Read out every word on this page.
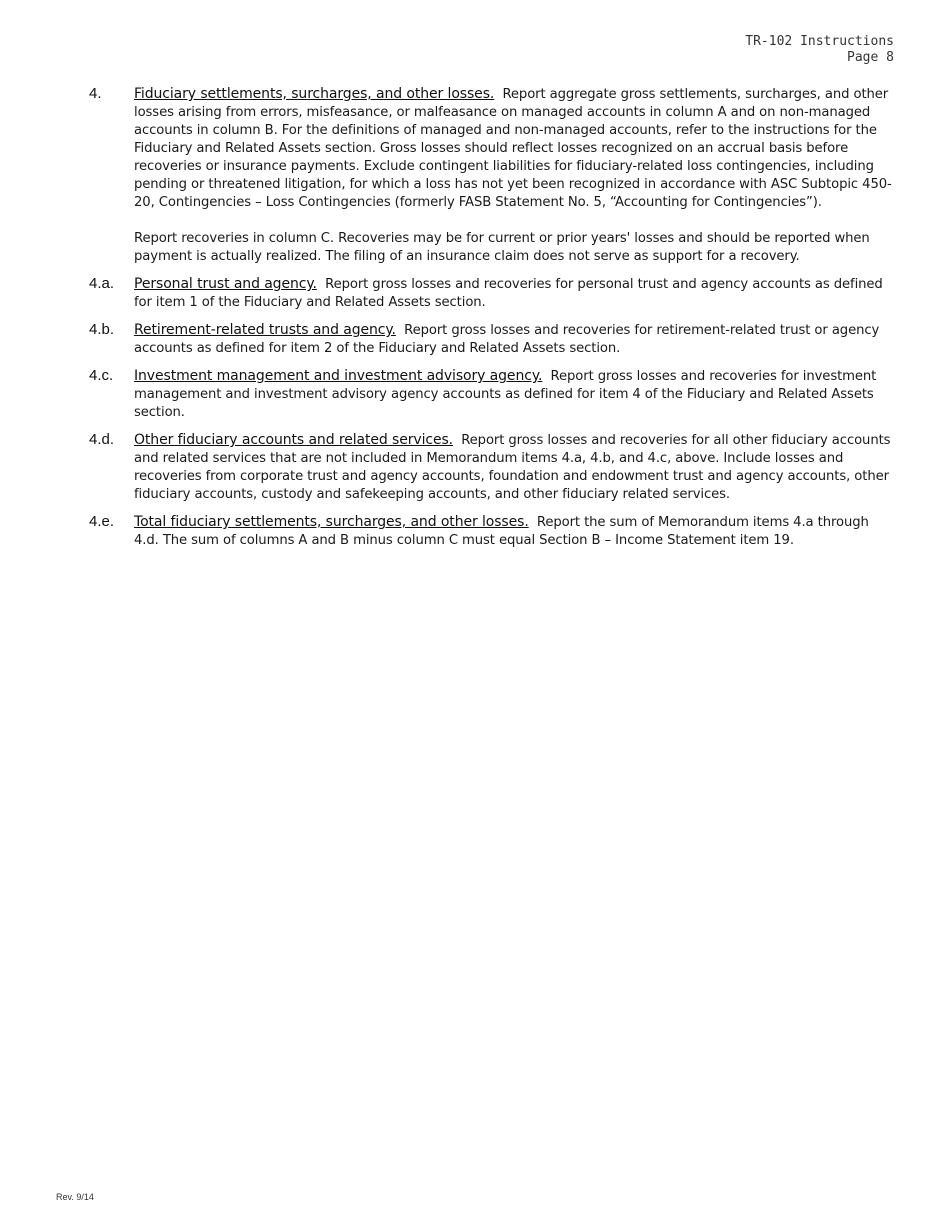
TR-102 Instructions
Page 8
4.	Fiduciary settlements, surcharges, and other losses. Report aggregate gross settlements, surcharges, and other losses arising from errors, misfeasance, or malfeasance on managed accounts in column A and on non-managed accounts in column B. For the definitions of managed and non-managed accounts, refer to the instructions for the Fiduciary and Related Assets section. Gross losses should reflect losses recognized on an accrual basis before recoveries or insurance payments. Exclude contingent liabilities for fiduciary-related loss contingencies, including pending or threatened litigation, for which a loss has not yet been recognized in accordance with ASC Subtopic 450-20, Contingencies – Loss Contingencies (formerly FASB Statement No. 5, “Accounting for Contingencies”).
Report recoveries in column C. Recoveries may be for current or prior years' losses and should be reported when payment is actually realized. The filing of an insurance claim does not serve as support for a recovery.
4.a.	Personal trust and agency. Report gross losses and recoveries for personal trust and agency accounts as defined for item 1 of the Fiduciary and Related Assets section.
4.b.	Retirement-related trusts and agency. Report gross losses and recoveries for retirement-related trust or agency accounts as defined for item 2 of the Fiduciary and Related Assets section.
4.c.	Investment management and investment advisory agency. Report gross losses and recoveries for investment management and investment advisory agency accounts as defined for item 4 of the Fiduciary and Related Assets section.
4.d.	Other fiduciary accounts and related services. Report gross losses and recoveries for all other fiduciary accounts and related services that are not included in Memorandum items 4.a, 4.b, and 4.c, above. Include losses and recoveries from corporate trust and agency accounts, foundation and endowment trust and agency accounts, other fiduciary accounts, custody and safekeeping accounts, and other fiduciary related services.
4.e.	Total fiduciary settlements, surcharges, and other losses. Report the sum of Memorandum items 4.a through 4.d. The sum of columns A and B minus column C must equal Section B – Income Statement item 19.
Rev. 9/14
